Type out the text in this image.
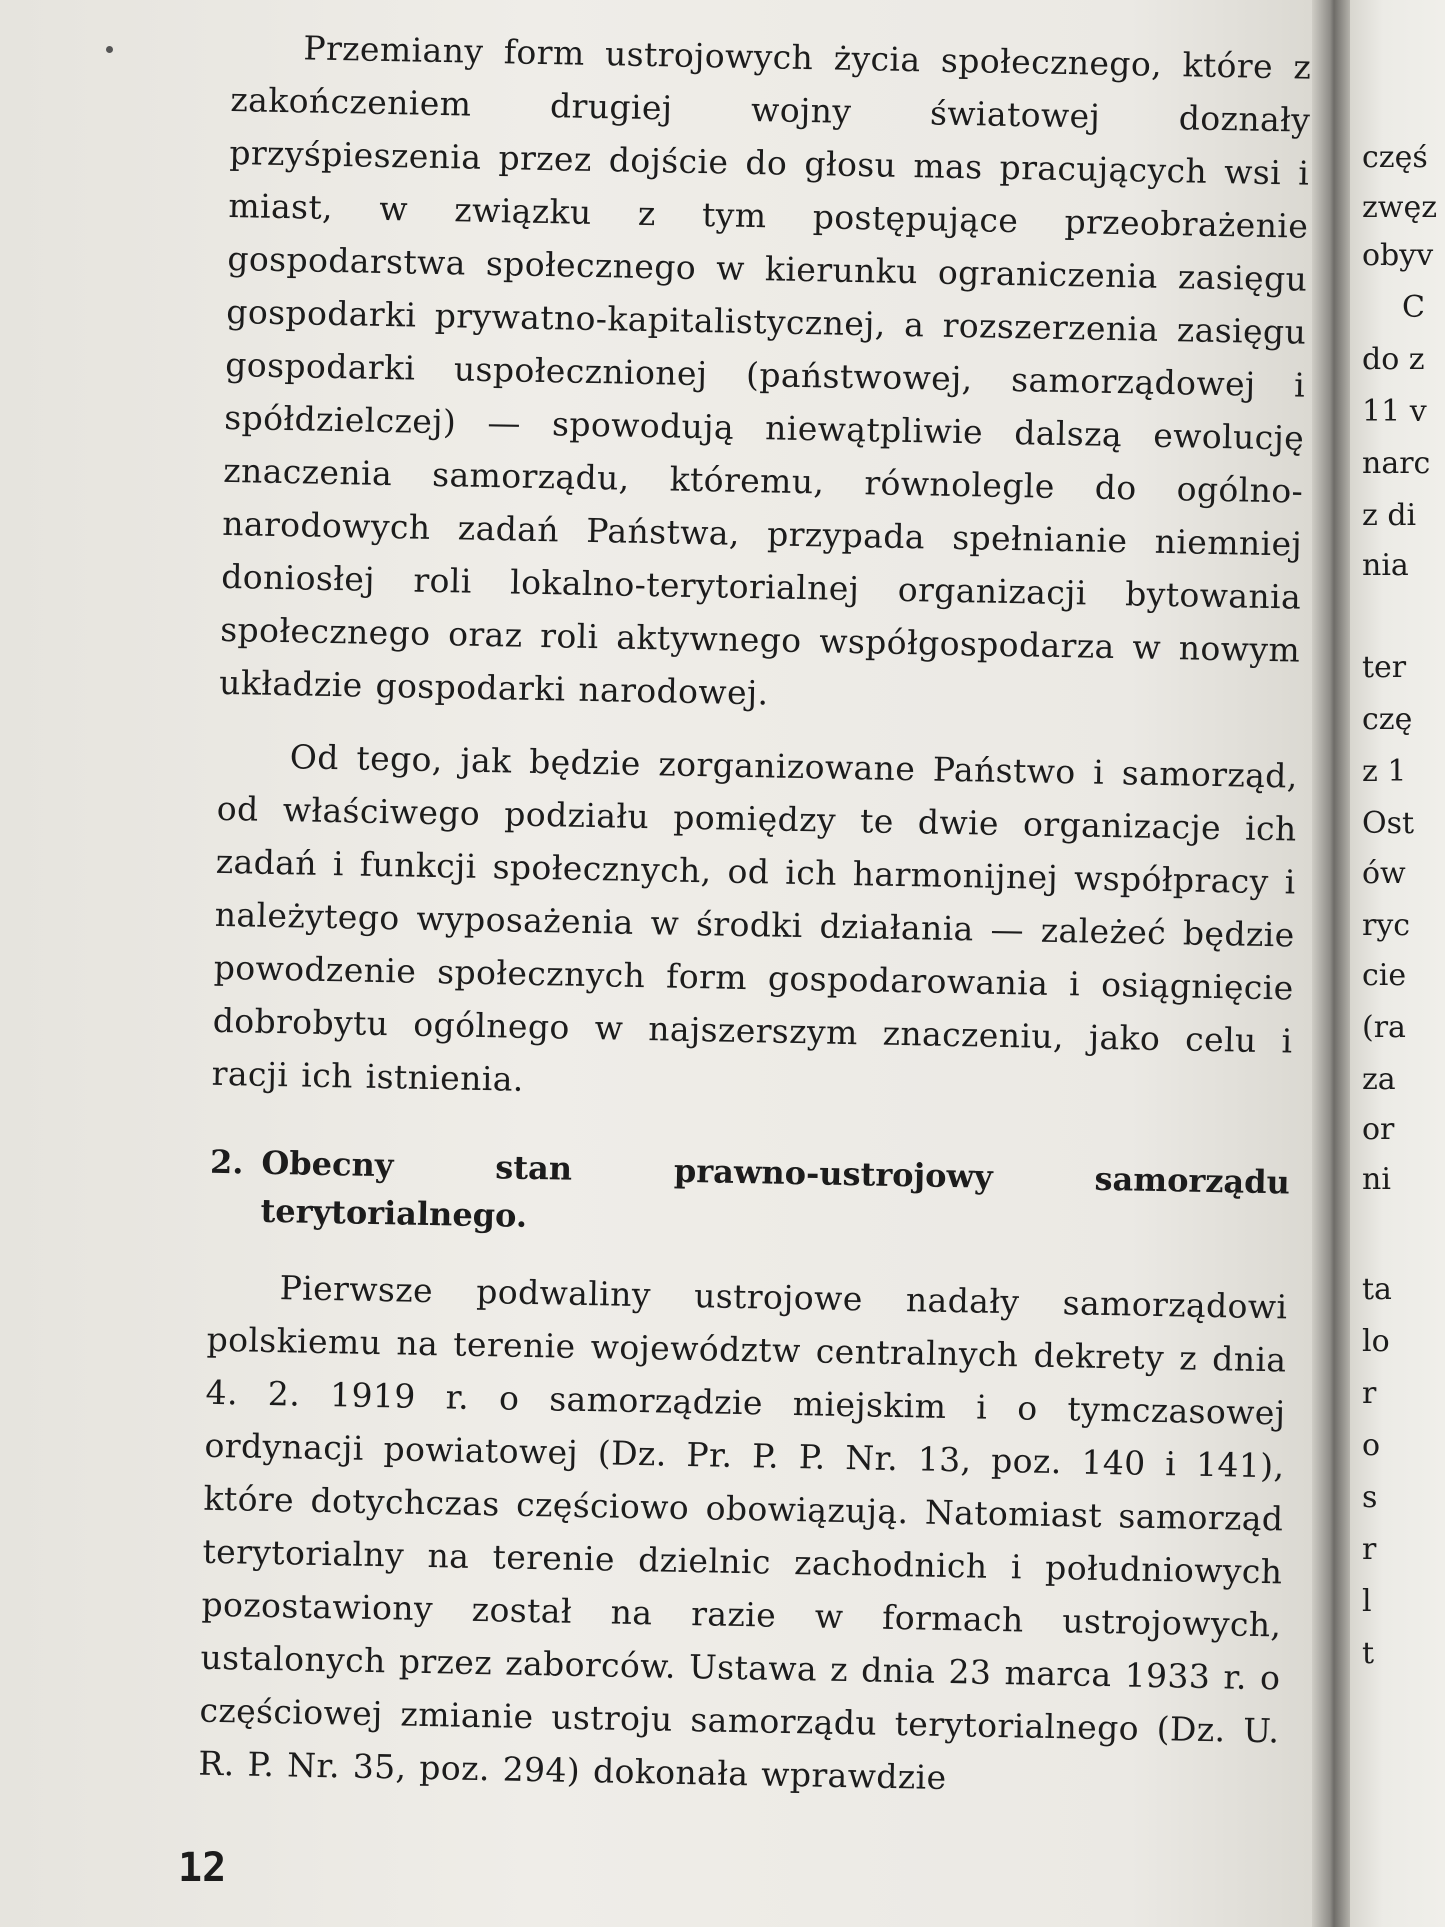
Przemiany form ustrojowych życia społecznego, które z zakończeniem drugiej wojny światowej doznały przyśpieszenia przez dojście do głosu mas pracujących wsi i miast, w związku z tym postępujące przeobrażenie gospodarstwa społecznego w kierunku ograniczenia zasięgu gospodarki prywatno-kapitalistycznej, a rozszerzenia zasięgu gospodarki uspołecznionej (państwowej, samorządowej i spółdzielczej) — spowodują niewątpliwie dalszą ewolucję znaczenia samorządu, któremu, równolegle do ogólno-narodowych zadań Państwa, przypada spełnianie niemniej doniosłej roli lokalno-terytorialnej organizacji bytowania społecznego oraz roli aktywnego współgospodarza w nowym układzie gospodarki narodowej.

Od tego, jak będzie zorganizowane Państwo i samorząd, od właściwego podziału pomiędzy te dwie organizacje ich zadań i funkcji społecznych, od ich harmonijnej współpracy i należytego wyposażenia w środki działania — zależeć będzie powodzenie społecznych form gospodarowania i osiągnięcie dobrobytu ogólnego w najszerszym znaczeniu, jako celu i racji ich istnienia.

2. Obecny stan prawno-ustrojowy samorządu terytorialnego.

Pierwsze podwaliny ustrojowe nadały samorządowi polskiemu na terenie województw centralnych dekrety z dnia 4. 2. 1919 r. o samorządzie miejskim i o tymczasowej ordynacji powiatowej (Dz. Pr. P. P. Nr. 13, poz. 140 i 141), które dotychczas częściowo obowiązują. Natomiast samorząd terytorialny na terenie dzielnic zachodnich i południowych pozostawiony został na razie w formach ustrojowych, ustalonych przez zaborców. Ustawa z dnia 23 marca 1933 r. o częściowej zmianie ustroju samorządu terytorialnego (Dz. U. R. P. Nr. 35, poz. 294) dokonała wprawdzie

12
częś
zwęz
obyv
C
do z
11 v
narc
z di
nia
ter
czę
z 1
Ost
ów
ryc
cie
(ra
za
or
ni
ta
lo
r
o
s
r
l
t
